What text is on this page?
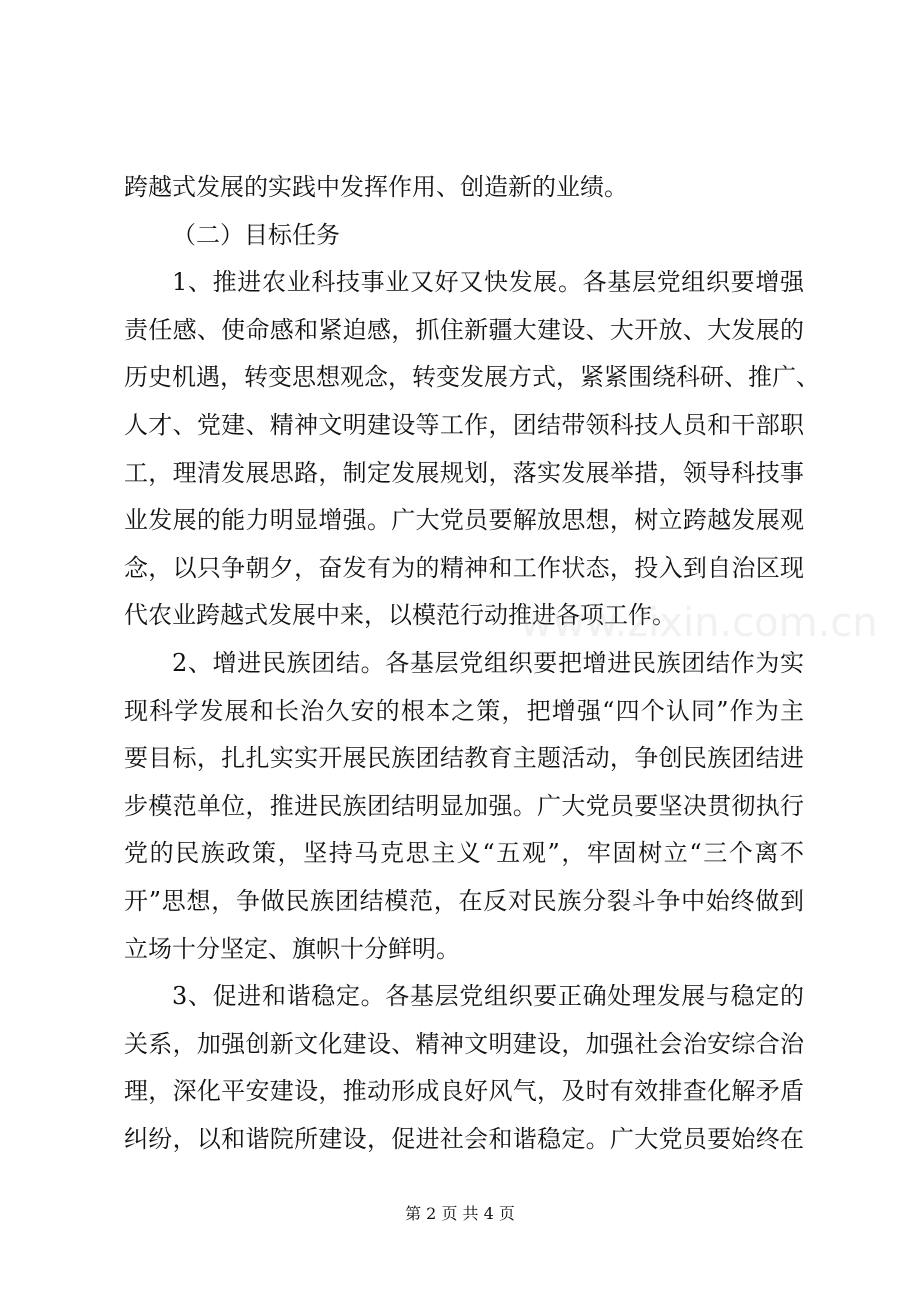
跨越式发展的实践中发挥作用、创造新的业绩。
（二）目标任务
1、推进农业科技事业又好又快发展。各基层党组织要增强
责任感、使命感和紧迫感，抓住新疆大建设、大开放、大发展的
历史机遇，转变思想观念，转变发展方式，紧紧围绕科研、推广、
人才、党建、精神文明建设等工作，团结带领科技人员和干部职
工，理清发展思路，制定发展规划，落实发展举措，领导科技事
业发展的能力明显增强。广大党员要解放思想，树立跨越发展观
念，以只争朝夕，奋发有为的精神和工作状态，投入到自治区现
代农业跨越式发展中来，以模范行动推进各项工作。
2、增进民族团结。各基层党组织要把增进民族团结作为实
现科学发展和长治久安的根本之策，把增强“四个认同”作为主
要目标，扎扎实实开展民族团结教育主题活动，争创民族团结进
步模范单位，推进民族团结明显加强。广大党员要坚决贯彻执行
党的民族政策，坚持马克思主义“五观”，牢固树立“三个离不
开”思想，争做民族团结模范，在反对民族分裂斗争中始终做到
立场十分坚定、旗帜十分鲜明。
3、促进和谐稳定。各基层党组织要正确处理发展与稳定的
关系，加强创新文化建设、精神文明建设，加强社会治安综合治
理，深化平安建设，推动形成良好风气，及时有效排查化解矛盾
纠纷，以和谐院所建设，促进社会和谐稳定。广大党员要始终在
www.zixin.com.cn
第 2 页 共 4 页
